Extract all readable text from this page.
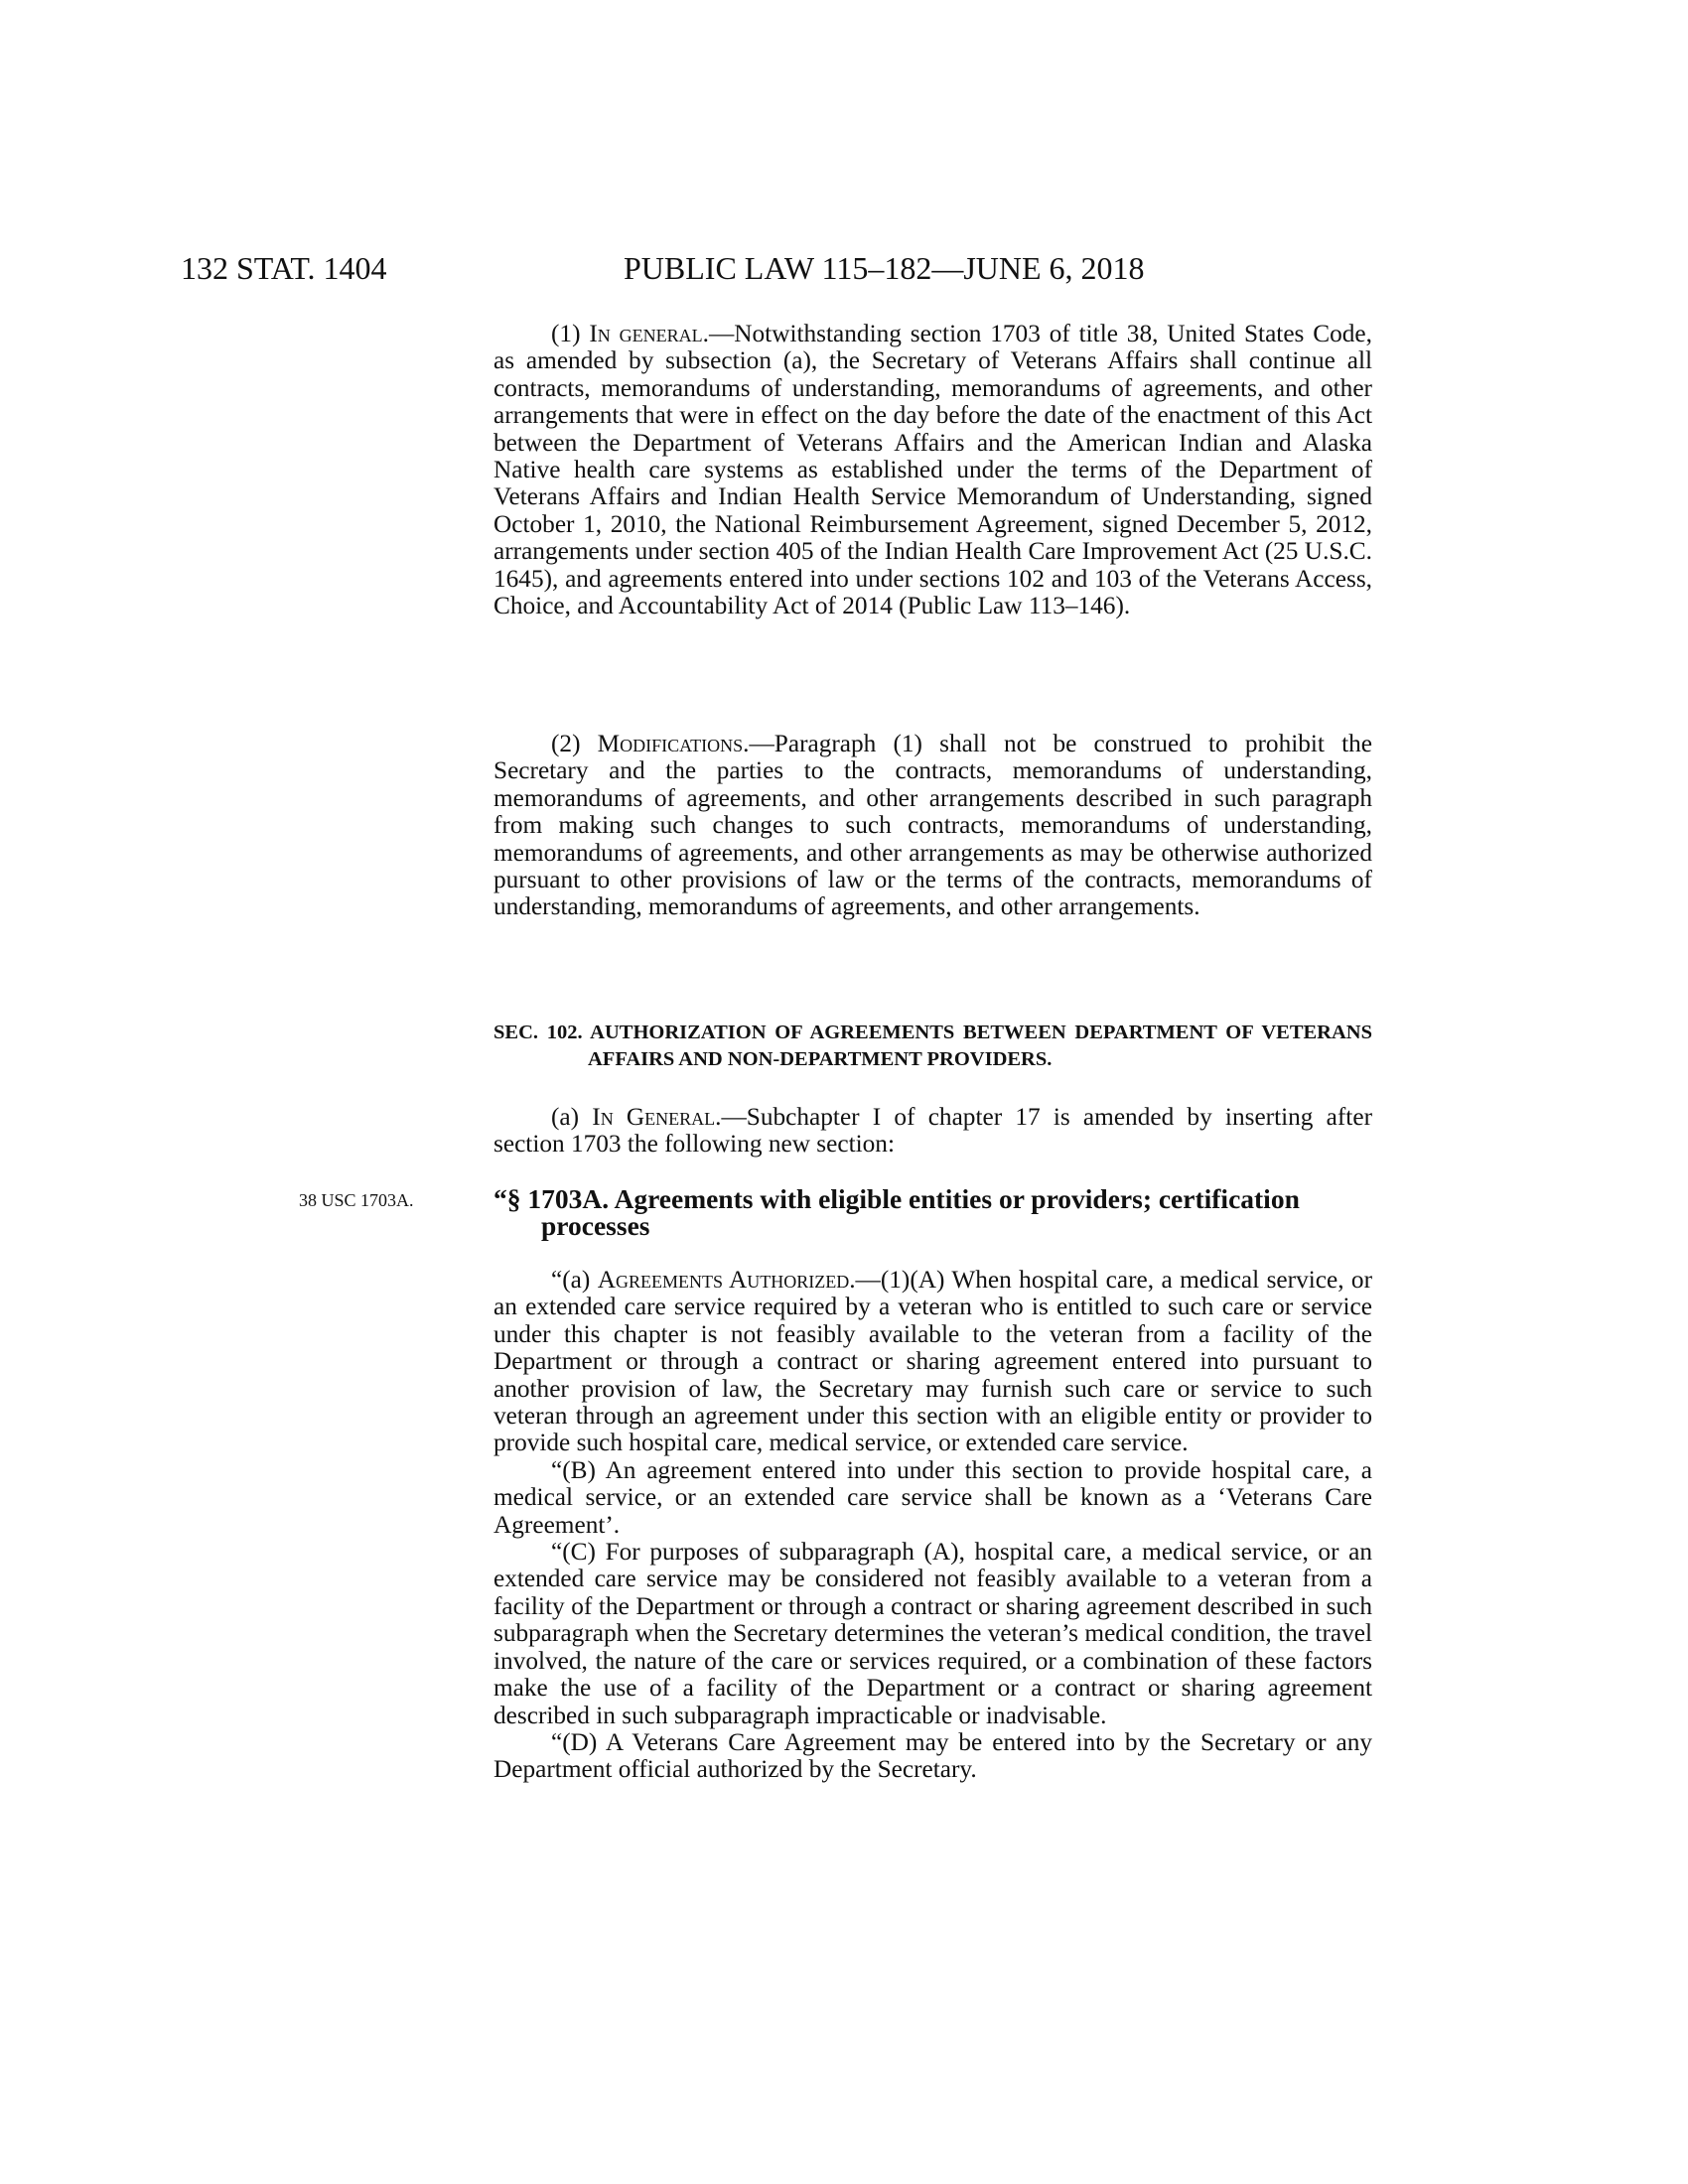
132 STAT. 1404	PUBLIC LAW 115–182—JUNE 6, 2018

(1) In general.—Notwithstanding section 1703 of title 38, United States Code, as amended by subsection (a), the Secretary of Veterans Affairs shall continue all contracts, memorandums of understanding, memorandums of agreements, and other arrangements that were in effect on the day before the date of the enactment of this Act between the Department of Veterans Affairs and the American Indian and Alaska Native health care systems as established under the terms of the Department of Veterans Affairs and Indian Health Service Memorandum of Understanding, signed October 1, 2010, the National Reimbursement Agreement, signed December 5, 2012, arrangements under section 405 of the Indian Health Care Improvement Act (25 U.S.C. 1645), and agreements entered into under sections 102 and 103 of the Veterans Access, Choice, and Accountability Act of 2014 (Public Law 113–146).

(2) Modifications.—Paragraph (1) shall not be construed to prohibit the Secretary and the parties to the contracts, memorandums of understanding, memorandums of agreements, and other arrangements described in such paragraph from making such changes to such contracts, memorandums of understanding, memorandums of agreements, and other arrangements as may be otherwise authorized pursuant to other provisions of law or the terms of the contracts, memorandums of understanding, memorandums of agreements, and other arrangements.

SEC. 102. AUTHORIZATION OF AGREEMENTS BETWEEN DEPARTMENT OF VETERANS AFFAIRS AND NON-DEPARTMENT PROVIDERS.

(a) In General.—Subchapter I of chapter 17 is amended by inserting after section 1703 the following new section:

38 USC 1703A.	“§ 1703A. Agreements with eligible entities or providers; certification processes

“(a) Agreements Authorized.—(1)(A) When hospital care, a medical service, or an extended care service required by a veteran who is entitled to such care or service under this chapter is not feasibly available to the veteran from a facility of the Department or through a contract or sharing agreement entered into pursuant to another provision of law, the Secretary may furnish such care or service to such veteran through an agreement under this section with an eligible entity or provider to provide such hospital care, medical service, or extended care service.

“(B) An agreement entered into under this section to provide hospital care, a medical service, or an extended care service shall be known as a ‘Veterans Care Agreement’.

“(C) For purposes of subparagraph (A), hospital care, a medical service, or an extended care service may be considered not feasibly available to a veteran from a facility of the Department or through a contract or sharing agreement described in such subparagraph when the Secretary determines the veteran’s medical condition, the travel involved, the nature of the care or services required, or a combination of these factors make the use of a facility of the Department or a contract or sharing agreement described in such subparagraph impracticable or inadvisable.

“(D) A Veterans Care Agreement may be entered into by the Secretary or any Department official authorized by the Secretary.
